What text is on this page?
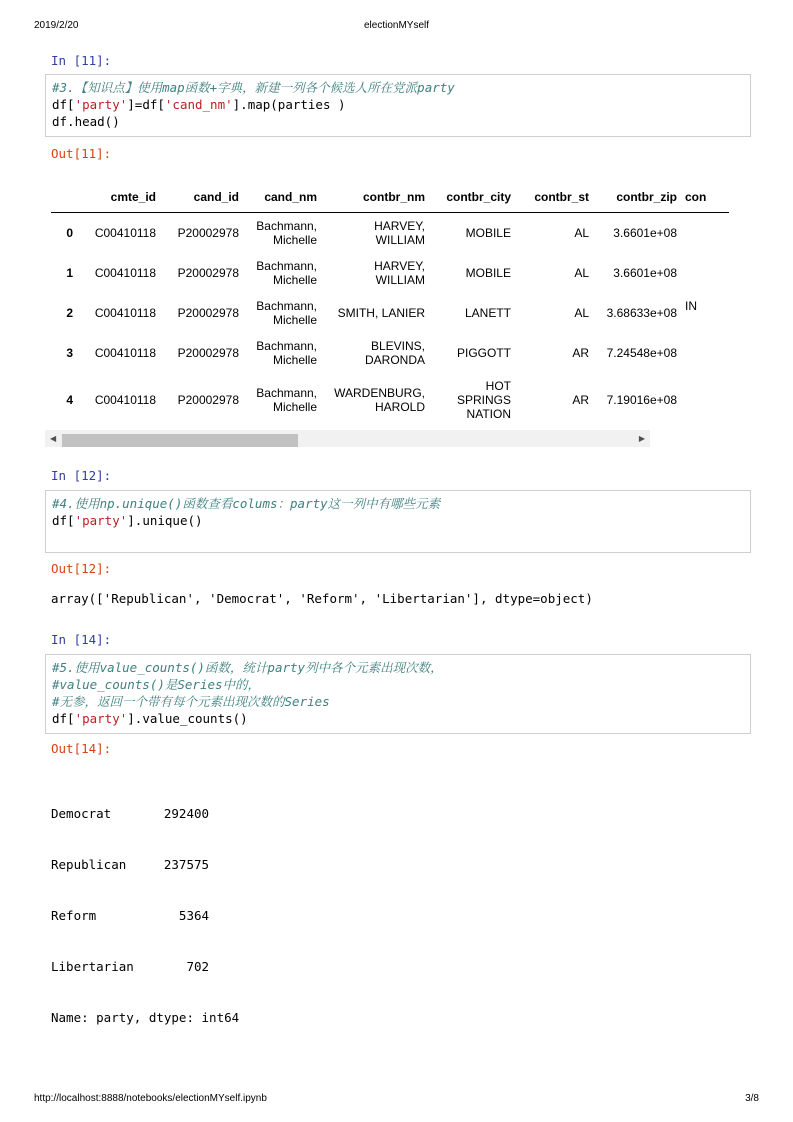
2019/2/20	electionMYself
In [11]:
#3.【知识点】使用map函数+字典，新建一列各个候选人所在党派party
df['party']=df['cand_nm'].map(parties )
df.head()
Out[11]:
	cmte_id	cand_id	cand_nm	contbr_nm	contbr_city	contbr_st	contbr_zip	con
0	C00410118	P20002978	Bachmann, Michelle	HARVEY, WILLIAM	MOBILE	AL	3.6601e+08	
1	C00410118	P20002978	Bachmann, Michelle	HARVEY, WILLIAM	MOBILE	AL	3.6601e+08	
2	C00410118	P20002978	Bachmann, Michelle	SMITH, LANIER	LANETT	AL	3.68633e+08	IN
3	C00410118	P20002978	Bachmann, Michelle	BLEVINS, DARONDA	PIGGOTT	AR	7.24548e+08	
4	C00410118	P20002978	Bachmann, Michelle	WARDENBURG, HAROLD	HOT SPRINGS NATION	AR	7.19016e+08	
◀	▶
In [12]:
#4.使用np.unique()函数查看colums：party这一列中有哪些元素
df['party'].unique()
Out[12]:
array(['Republican', 'Democrat', 'Reform', 'Libertarian'], dtype=object)
In [14]:
#5.使用value_counts()函数，统计party列中各个元素出现次数，
#value_counts()是Series中的，
#无参，返回一个带有每个元素出现次数的Series
df['party'].value_counts()
Out[14]:

Democrat       292400

Republican     237575

Reform           5364

Libertarian       702

Name: party, dtype: int64

http://localhost:8888/notebooks/electionMYself.ipynb	3/8
